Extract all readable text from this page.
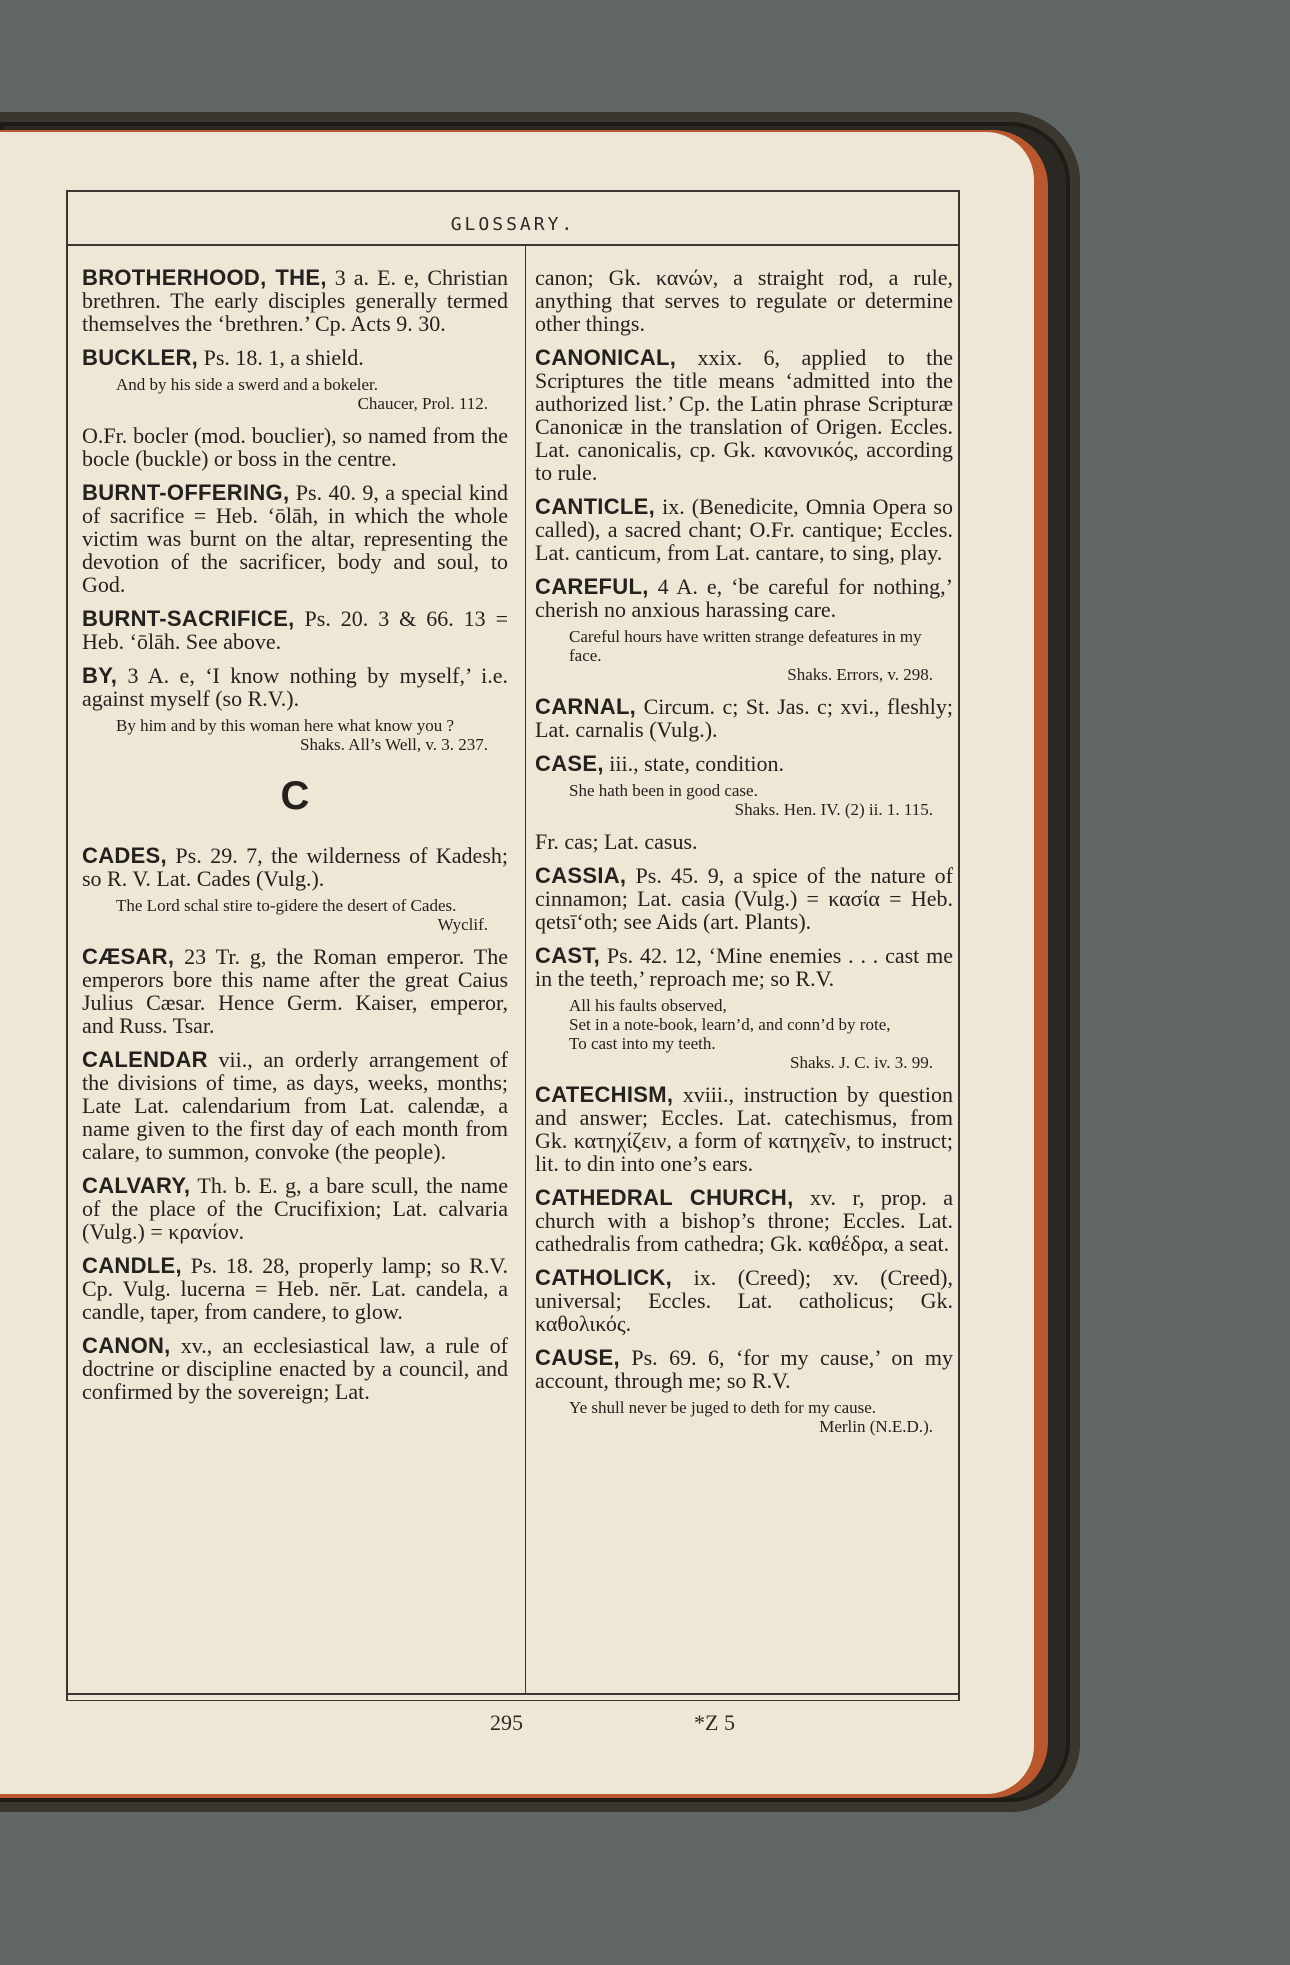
GLOSSARY.
BROTHERHOOD, THE, 3 a. E. e, Christian brethren. The early disciples generally termed themselves the ‘brethren.’ Cp. Acts 9. 30.
BUCKLER, Ps. 18. 1, a shield.
And by his side a swerd and a bokeler.
Chaucer, Prol. 112.
O.Fr. bocler (mod. bouclier), so named from the bocle (buckle) or boss in the centre.
BURNT-OFFERING, Ps. 40. 9, a special kind of sacrifice = Heb. ‘ōlāh, in which the whole victim was burnt on the altar, representing the devotion of the sacrificer, body and soul, to God.
BURNT-SACRIFICE, Ps. 20. 3 & 66. 13 = Heb. ‘ōlāh. See above.
BY, 3 A. e, ‘I know nothing by myself,’ i.e. against myself (so R.V.).
By him and by this woman here what know you ?
Shaks. All’s Well, v. 3. 237.
C
CADES, Ps. 29. 7, the wilderness of Kadesh; so R. V. Lat. Cades (Vulg.).
The Lord schal stire to-gidere the desert of Cades.
Wyclif.
CÆSAR, 23 Tr. g, the Roman emperor. The emperors bore this name after the great Caius Julius Cæsar. Hence Germ. Kaiser, emperor, and Russ. Tsar.
CALENDAR vii., an orderly arrangement of the divisions of time, as days, weeks, months; Late Lat. calendarium from Lat. calendæ, a name given to the first day of each month from calare, to summon, convoke (the people).
CALVARY, Th. b. E. g, a bare scull, the name of the place of the Crucifixion; Lat. calvaria (Vulg.) = κρανίον.
CANDLE, Ps. 18. 28, properly lamp; so R.V. Cp. Vulg. lucerna = Heb. nēr. Lat. candela, a candle, taper, from candere, to glow.
CANON, xv., an ecclesiastical law, a rule of doctrine or discipline enacted by a council, and confirmed by the sovereign; Lat.
canon; Gk. κανών, a straight rod, a rule, anything that serves to regulate or determine other things.
CANONICAL, xxix. 6, applied to the Scriptures the title means ‘admitted into the authorized list.’ Cp. the Latin phrase Scripturæ Canonicæ in the translation of Origen. Eccles. Lat. canonicalis, cp. Gk. κανονικός, according to rule.
CANTICLE, ix. (Benedicite, Omnia Opera so called), a sacred chant; O.Fr. cantique; Eccles. Lat. canticum, from Lat. cantare, to sing, play.
CAREFUL, 4 A. e, ‘be careful for nothing,’ cherish no anxious harassing care.
Careful hours have written strange defeatures in my face.
Shaks. Errors, v. 298.
CARNAL, Circum. c; St. Jas. c; xvi., fleshly; Lat. carnalis (Vulg.).
CASE, iii., state, condition.
She hath been in good case.
Shaks. Hen. IV. (2) ii. 1. 115.
Fr. cas; Lat. casus.
CASSIA, Ps. 45. 9, a spice of the nature of cinnamon; Lat. casia (Vulg.) = κασία = Heb. qetsī‘oth; see Aids (art. Plants).
CAST, Ps. 42. 12, ‘Mine enemies . . . cast me in the teeth,’ reproach me; so R.V.
All his faults observed,
Set in a note-book, learn’d, and conn’d by rote,
To cast into my teeth.
Shaks. J. C. iv. 3. 99.
CATECHISM, xviii., instruction by question and answer; Eccles. Lat. catechismus, from Gk. κατηχίζειν, a form of κατηχεῖν, to instruct; lit. to din into one’s ears.
CATHEDRAL CHURCH, xv. r, prop. a church with a bishop’s throne; Eccles. Lat. cathedralis from cathedra; Gk. καθέδρα, a seat.
CATHOLICK, ix. (Creed); xv. (Creed), universal; Eccles. Lat. catholicus; Gk. καθολικός.
CAUSE, Ps. 69. 6, ‘for my cause,’ on my account, through me; so R.V.
Ye shull never be juged to deth for my cause.
Merlin (N.E.D.).
295	*Z 5
